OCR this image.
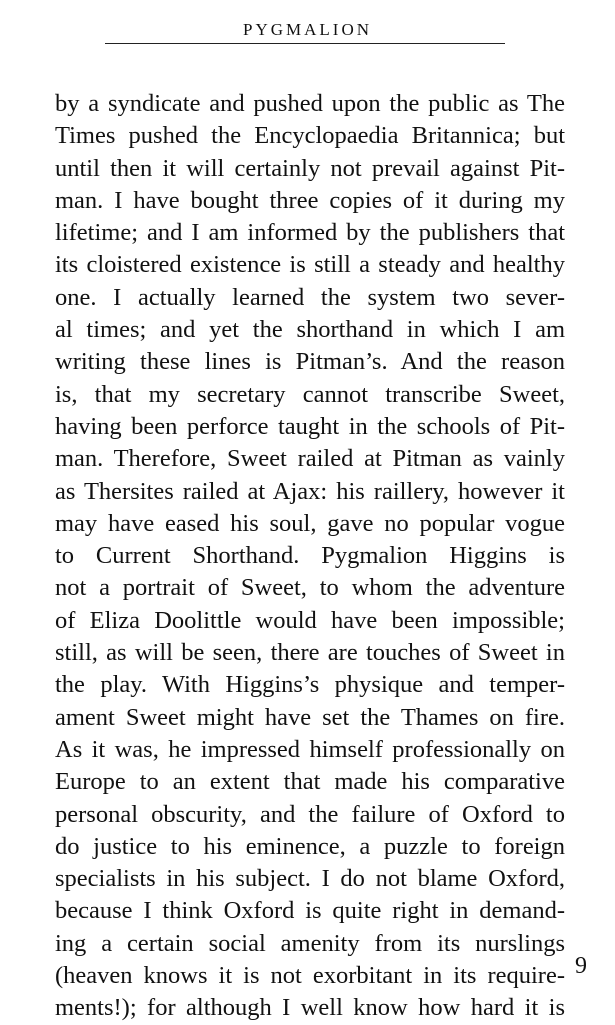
PYGMALION
by a syndicate and pushed upon the public as The
Times pushed the Encyclopaedia Britannica; but
until then it will certainly not prevail against Pit-
man. I have bought three copies of it during my
lifetime; and I am informed by the publishers that
its cloistered existence is still a steady and healthy
one. I actually learned the system two sever-
al times; and yet the shorthand in which I am
writing these lines is Pitman’s. And the reason
is, that my secretary cannot transcribe Sweet,
having been perforce taught in the schools of Pit-
man. Therefore, Sweet railed at Pitman as vainly
as Thersites railed at Ajax: his raillery, however it
may have eased his soul, gave no popular vogue
to Current Shorthand. Pygmalion Higgins is
not a portrait of Sweet, to whom the adventure
of Eliza Doolittle would have been impossible;
still, as will be seen, there are touches of Sweet in
the play. With Higgins’s physique and temper-
ament Sweet might have set the Thames on fire.
As it was, he impressed himself professionally on
Europe to an extent that made his comparative
personal obscurity, and the failure of Oxford to
do justice to his eminence, a puzzle to foreign
specialists in his subject. I do not blame Oxford,
because I think Oxford is quite right in demand-
ing a certain social amenity from its nurslings
(heaven knows it is not exorbitant in its require-
ments!); for although I well know how hard it is
9
